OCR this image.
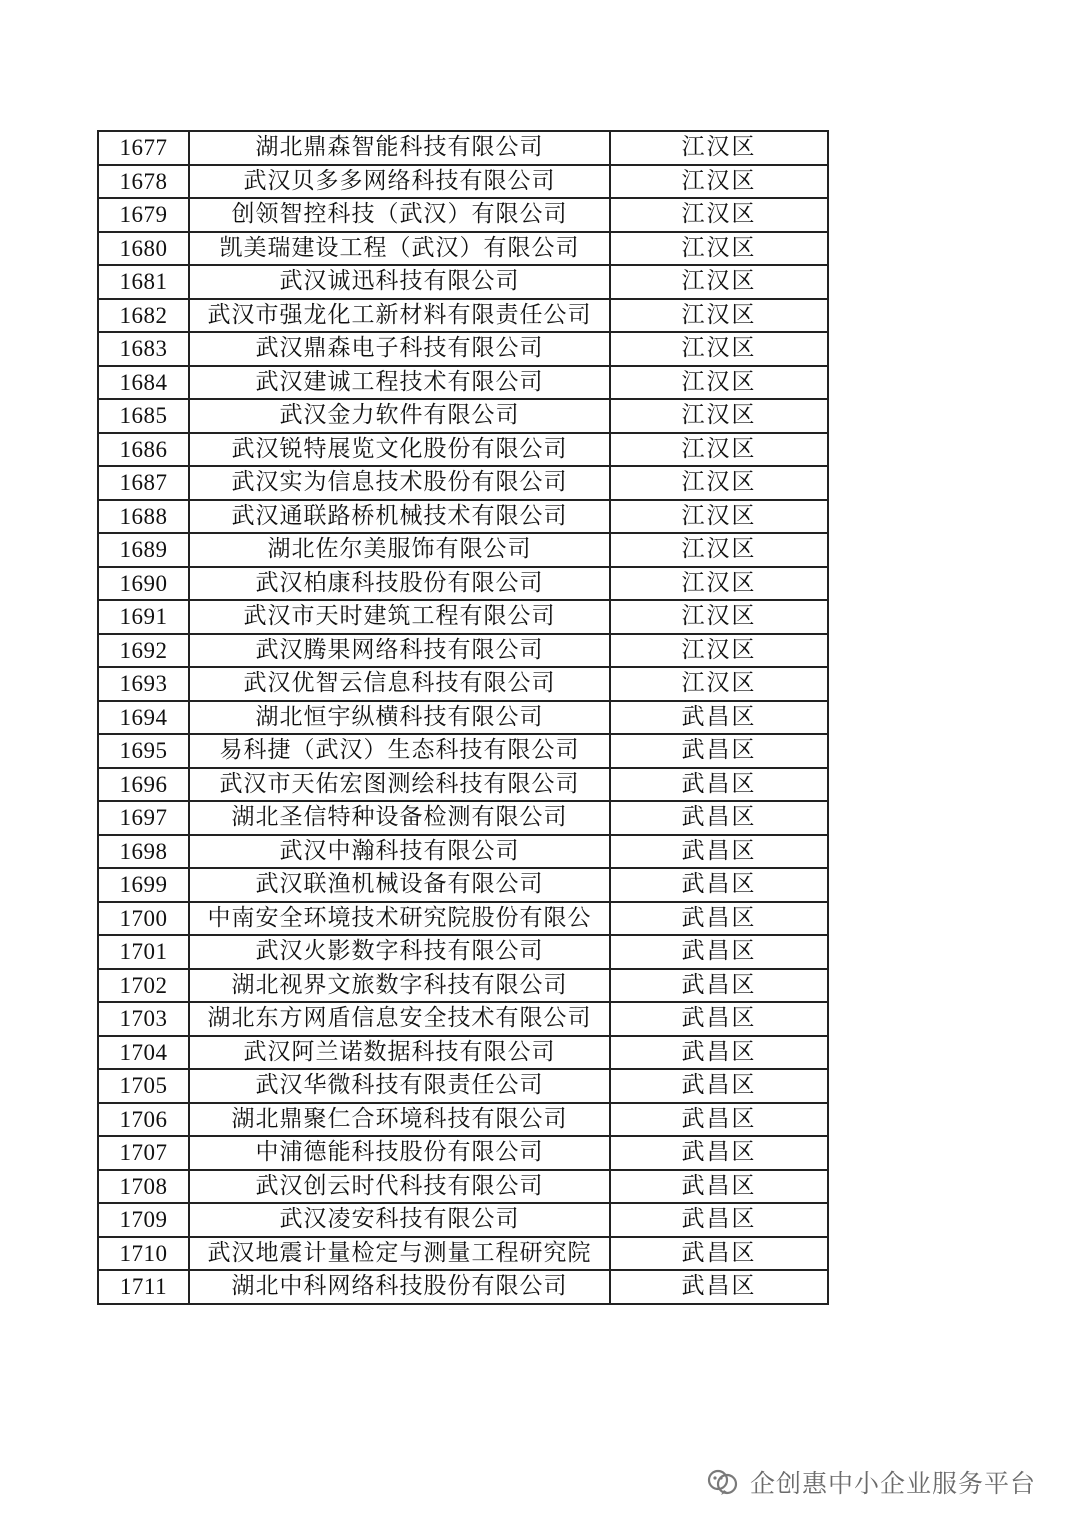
1677	湖北鼎森智能科技有限公司	江汉区
1678	武汉贝多多网络科技有限公司	江汉区
1679	创领智控科技（武汉）有限公司	江汉区
1680	凯美瑞建设工程（武汉）有限公司	江汉区
1681	武汉诚迅科技有限公司	江汉区
1682	武汉市强龙化工新材料有限责任公司	江汉区
1683	武汉鼎森电子科技有限公司	江汉区
1684	武汉建诚工程技术有限公司	江汉区
1685	武汉金力软件有限公司	江汉区
1686	武汉锐特展览文化股份有限公司	江汉区
1687	武汉实为信息技术股份有限公司	江汉区
1688	武汉通联路桥机械技术有限公司	江汉区
1689	湖北佐尔美服饰有限公司	江汉区
1690	武汉柏康科技股份有限公司	江汉区
1691	武汉市天时建筑工程有限公司	江汉区
1692	武汉腾果网络科技有限公司	江汉区
1693	武汉优智云信息科技有限公司	江汉区
1694	湖北恒宇纵横科技有限公司	武昌区
1695	易科捷（武汉）生态科技有限公司	武昌区
1696	武汉市天佑宏图测绘科技有限公司	武昌区
1697	湖北圣信特种设备检测有限公司	武昌区
1698	武汉中瀚科技有限公司	武昌区
1699	武汉联渔机械设备有限公司	武昌区
1700	中南安全环境技术研究院股份有限公	武昌区
1701	武汉火影数字科技有限公司	武昌区
1702	湖北视界文旅数字科技有限公司	武昌区
1703	湖北东方网盾信息安全技术有限公司	武昌区
1704	武汉阿兰诺数据科技有限公司	武昌区
1705	武汉华微科技有限责任公司	武昌区
1706	湖北鼎聚仁合环境科技有限公司	武昌区
1707	中浦德能科技股份有限公司	武昌区
1708	武汉创云时代科技有限公司	武昌区
1709	武汉凌安科技有限公司	武昌区
1710	武汉地震计量检定与测量工程研究院	武昌区
1711	湖北中科网络科技股份有限公司	武昌区
企创惠中小企业服务平台
